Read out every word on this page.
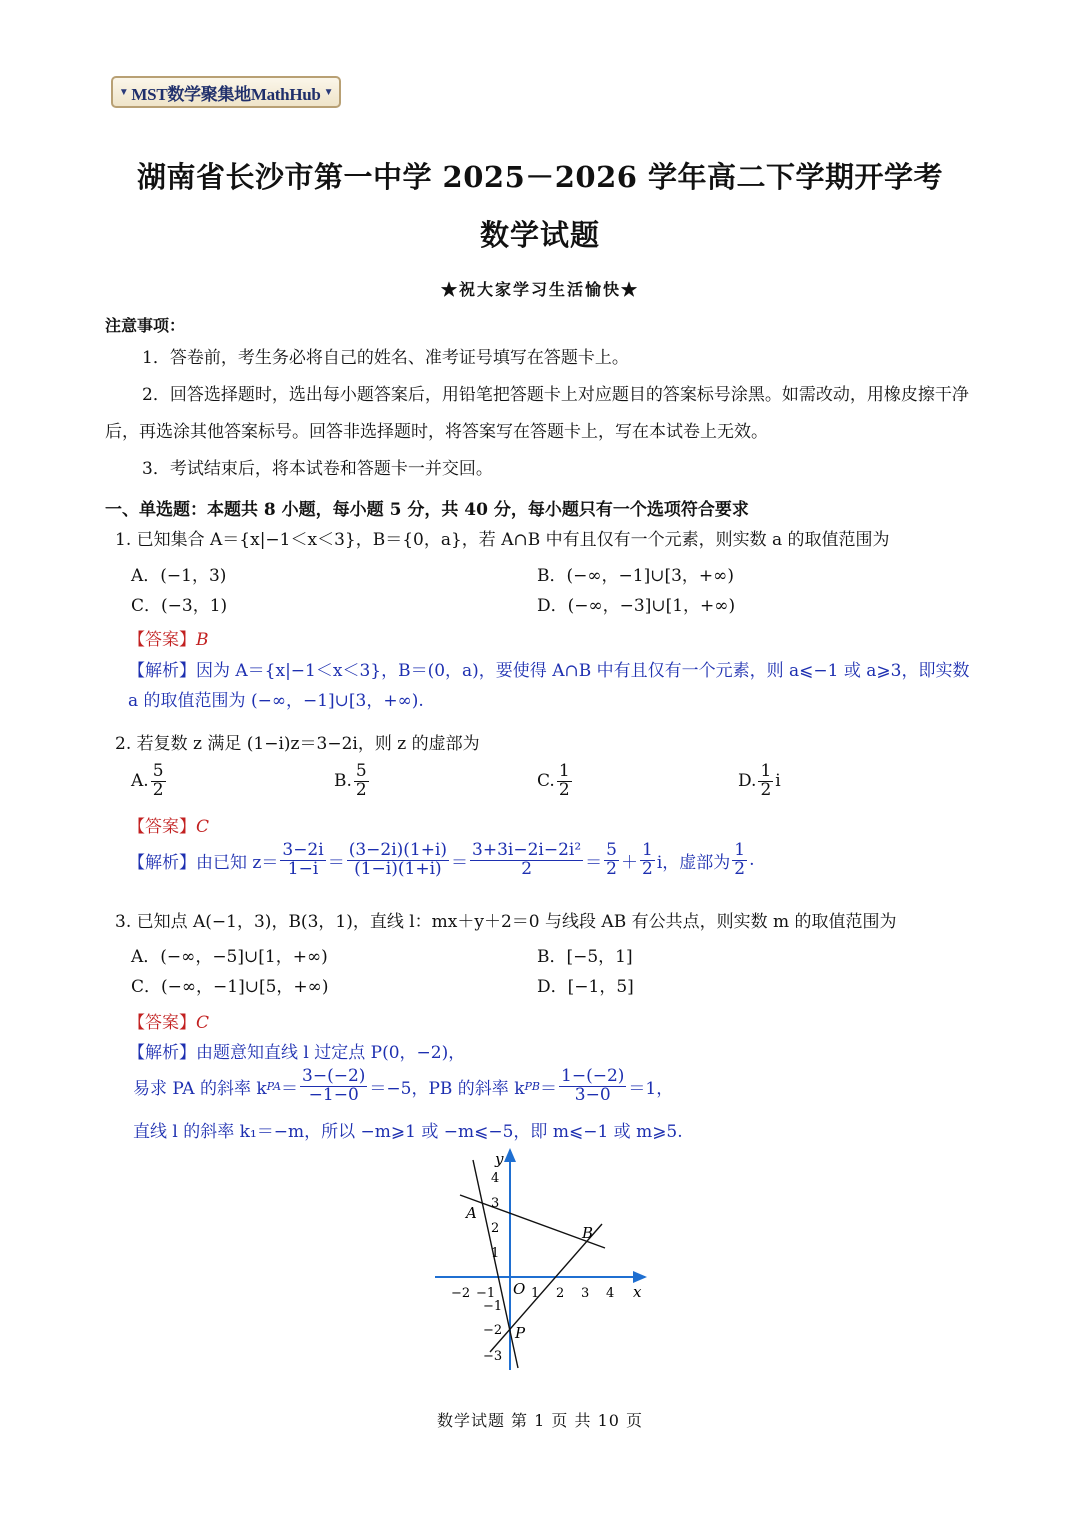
▼ MST数学聚集地MathHub ▼
湖南省长沙市第一中学 2025－2026 学年高二下学期开学考
数学试题
★祝大家学习生活愉快★
注意事项：
1．答卷前，考生务必将自己的姓名、准考证号填写在答题卡上。
2．回答选择题时，选出每小题答案后，用铅笔把答题卡上对应题目的答案标号涂黑。如需改动，用橡皮擦干净后，再选涂其他答案标号。回答非选择题时，将答案写在答题卡上，写在本试卷上无效。
3．考试结束后，将本试卷和答题卡一并交回。
一、单选题：本题共 8 小题，每小题 5 分，共 40 分，每小题只有一个选项符合要求
1. 已知集合 A＝{x|−1＜x＜3}，B＝{0，a}，若 A∩B 中有且仅有一个元素，则实数 a 的取值范围为
A．(−1，3)	B．(−∞，−1]∪[3，+∞)
C．(−3，1)	D．(−∞，−3]∪[1，+∞)
【答案】B
【解析】因为 A＝{x|−1＜x＜3}，B＝(0，a)，要使得 A∩B 中有且仅有一个元素，则 a⩽−1 或 a⩾3，即实数 a 的取值范围为 (−∞，−1]∪[3，+∞).
2. 若复数 z 满足 (1−i)z＝3−2i，则 z 的虚部为
A. $\frac{5}{2}$	B. $\frac{5}{2}$	C. $\frac{1}{2}$	D. $\frac{1}{2}$ i
【答案】C
【解析】 由已知 $z= \frac{3-2i}{1-i} = \frac{(3-2i)(1+i)}{(1-i)(1+i)} = \frac{\text{3+3i−2i−2i²}}{2} = \frac{5}{2} + \frac{1}{2}$ i，虚部为 $\frac{1}{2}$ .
3. 已知点 A(−1，3)，B(3，1)，直线 l：mx＋y＋2＝0 与线段 AB 有公共点，则实数 m 的取值范围为
A．(−∞，−5]∪[1，+∞)	B．[−5，1]
C．(−∞，−1]∪[5，+∞)	D．[−1，5]
【答案】C
【解析】由题意知直线 l 过定点 P(0，−2)，
易求 PA 的斜率 k PA ＝ $\frac{3-(-2)}{-1-0} =-5$，PB 的斜率 k PB ＝ $\frac{1-(-2)}{3-0} =1$，
直线 l 的斜率 k₁＝−m，所以 −m⩾1 或 −m⩽−5，即 m⩽−1 或 m⩾5.
x
y
O
−2 −1	1 2 3 4
4
3
2
1
−1
−2
−3
A
B
P
数学试题 第 1 页 共 10 页
